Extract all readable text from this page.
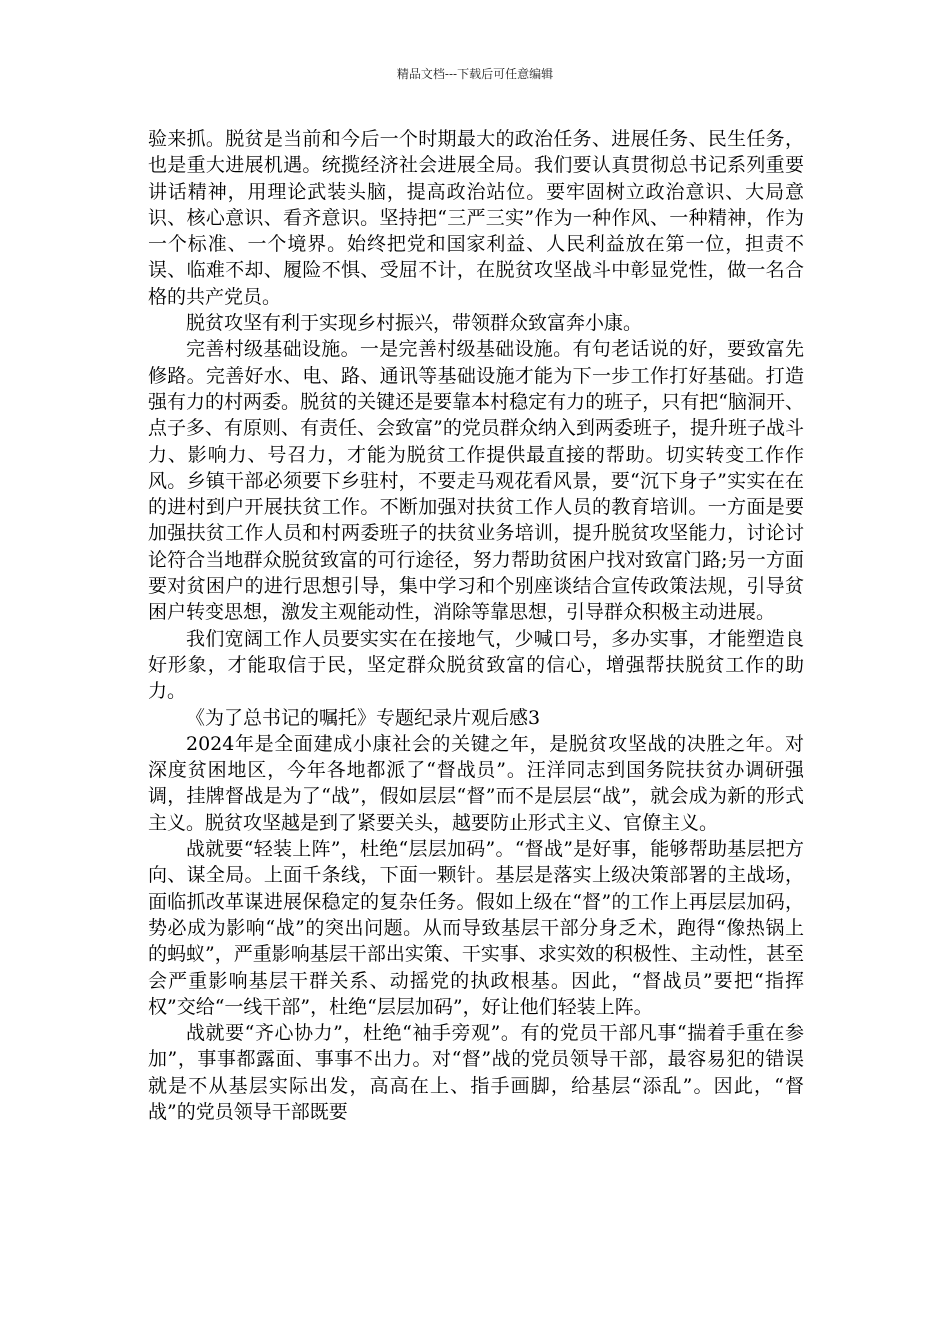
精品文档---下载后可任意编辑

验来抓。脱贫是当前和今后一个时期最大的政治任务、进展任务、民生任务，也是重大进展机遇。统揽经济社会进展全局。我们要认真贯彻总书记系列重要讲话精神，用理论武装头脑，提高政治站位。要牢固树立政治意识、大局意识、核心意识、看齐意识。坚持把“三严三实”作为一种作风、一种精神，作为一个标准、一个境界。始终把党和国家利益、人民利益放在第一位，担责不误、临难不却、履险不惧、受屈不计，在脱贫攻坚战斗中彰显党性，做一名合格的共产党员。

脱贫攻坚有利于实现乡村振兴，带领群众致富奔小康。

完善村级基础设施。一是完善村级基础设施。有句老话说的好，要致富先修路。完善好水、电、路、通讯等基础设施才能为下一步工作打好基础。打造强有力的村两委。脱贫的关键还是要靠本村稳定有力的班子，只有把“脑洞开、点子多、有原则、有责任、会致富”的党员群众纳入到两委班子，提升班子战斗力、影响力、号召力，才能为脱贫工作提供最直接的帮助。切实转变工作作风。乡镇干部必须要下乡驻村，不要走马观花看风景，要“沉下身子”实实在在的进村到户开展扶贫工作。不断加强对扶贫工作人员的教育培训。一方面是要加强扶贫工作人员和村两委班子的扶贫业务培训，提升脱贫攻坚能力，讨论讨论符合当地群众脱贫致富的可行途径，努力帮助贫困户找对致富门路;另一方面要对贫困户的进行思想引导，集中学习和个别座谈结合宣传政策法规，引导贫困户转变思想，激发主观能动性，消除等靠思想，引导群众积极主动进展。

我们宽阔工作人员要实实在在接地气，少喊口号，多办实事，才能塑造良好形象，才能取信于民，坚定群众脱贫致富的信心，增强帮扶脱贫工作的助力。

《为了总书记的嘱托》专题纪录片观后感3

2024年是全面建成小康社会的关键之年，是脱贫攻坚战的决胜之年。对深度贫困地区，今年各地都派了“督战员”。汪洋同志到国务院扶贫办调研强调，挂牌督战是为了“战”，假如层层“督”而不是层层“战”，就会成为新的形式主义。脱贫攻坚越是到了紧要关头，越要防止形式主义、官僚主义。

战就要“轻装上阵”，杜绝“层层加码”。“督战”是好事，能够帮助基层把方向、谋全局。上面千条线，下面一颗针。基层是落实上级决策部署的主战场，面临抓改革谋进展保稳定的复杂任务。假如上级在“督”的工作上再层层加码，势必成为影响“战”的突出问题。从而导致基层干部分身乏术，跑得“像热锅上的蚂蚁”，严重影响基层干部出实策、干实事、求实效的积极性、主动性，甚至会严重影响基层干群关系、动摇党的执政根基。因此，“督战员”要把“指挥权”交给“一线干部”，杜绝“层层加码”，好让他们轻装上阵。

战就要“齐心协力”，杜绝“袖手旁观”。有的党员干部凡事“揣着手重在参加”，事事都露面、事事不出力。对“督”战的党员领导干部，最容易犯的错误就是不从基层实际出发，高高在上、指手画脚，给基层“添乱”。因此，“督战”的党员领导干部既要
